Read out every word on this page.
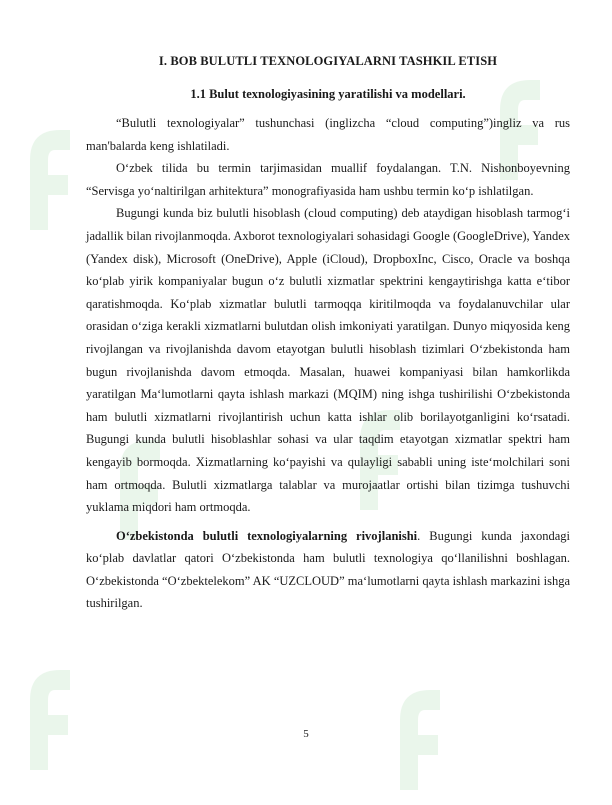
I. BOB BULUTLI TEXNOLOGIYALARNI TASHKIL ETISH
1.1 Bulut texnologiyasining yaratilishi va modellari.

“Bulutli texnologiyalar” tushunchasi (inglizcha “cloud computing”)ingliz va rus man'balarda keng ishlatiladi.

O‘zbek tilida bu termin tarjimasidan muallif foydalangan. T.N. Nishonboyevning “Servisga yo‘naltirilgan arhitektura” monografiyasida ham ushbu termin ko‘p ishlatilgan.

Bugungi kunda biz bulutli hisoblash (cloud computing) deb ataydigan hisoblash tarmog‘i jadallik bilan rivojlanmoqda. Axborot texnologiyalari sohasidagi Google (GoogleDrive), Yandex (Yandex disk), Microsoft (OneDrive), Apple (iCloud), DropboxInc, Cisco, Oracle va boshqa ko‘plab yirik kompaniyalar bugun o‘z bulutli xizmatlar spektrini kengaytirishga katta e‘tibor qaratishmoqda. Ko‘plab xizmatlar bulutli tarmoqqa kiritilmoqda va foydalanuvchilar ular orasidan o‘ziga kerakli xizmatlarni bulutdan olish imkoniyati yaratilgan. Dunyo miqyosida keng rivojlangan va rivojlanishda davom etayotgan bulutli hisoblash tizimlari O‘zbekistonda ham bugun rivojlanishda davom etmoqda. Masalan, huawei kompaniyasi bilan hamkorlikda yaratilgan Ma‘lumotlarni qayta ishlash markazi (MQIM) ning ishga tushirilishi O‘zbekistonda ham bulutli xizmatlarni rivojlantirish uchun katta ishlar olib borilayotganligini ko‘rsatadi. Bugungi kunda bulutli hisoblashlar sohasi va ular taqdim etayotgan xizmatlar spektri ham kengayib bormoqda. Xizmatlarning ko‘payishi va qulayligi sababli uning iste‘molchilari soni ham ortmoqda. Bulutli xizmatlarga talablar va murojaatlar ortishi bilan tizimga tushuvchi yuklama miqdori ham ortmoqda.

O‘zbekistonda bulutli texnologiyalarning rivojlanishi. Bugungi kunda jaxondagi ko‘plab davlatlar qatori O‘zbekistonda ham bulutli texnologiya qo‘llanilishni boshlagan. O‘zbekistonda “O‘zbektelekom” AK “UZCLOUD” ma‘lumotlarni qayta ishlash markazini ishga tushirilgan.

5
